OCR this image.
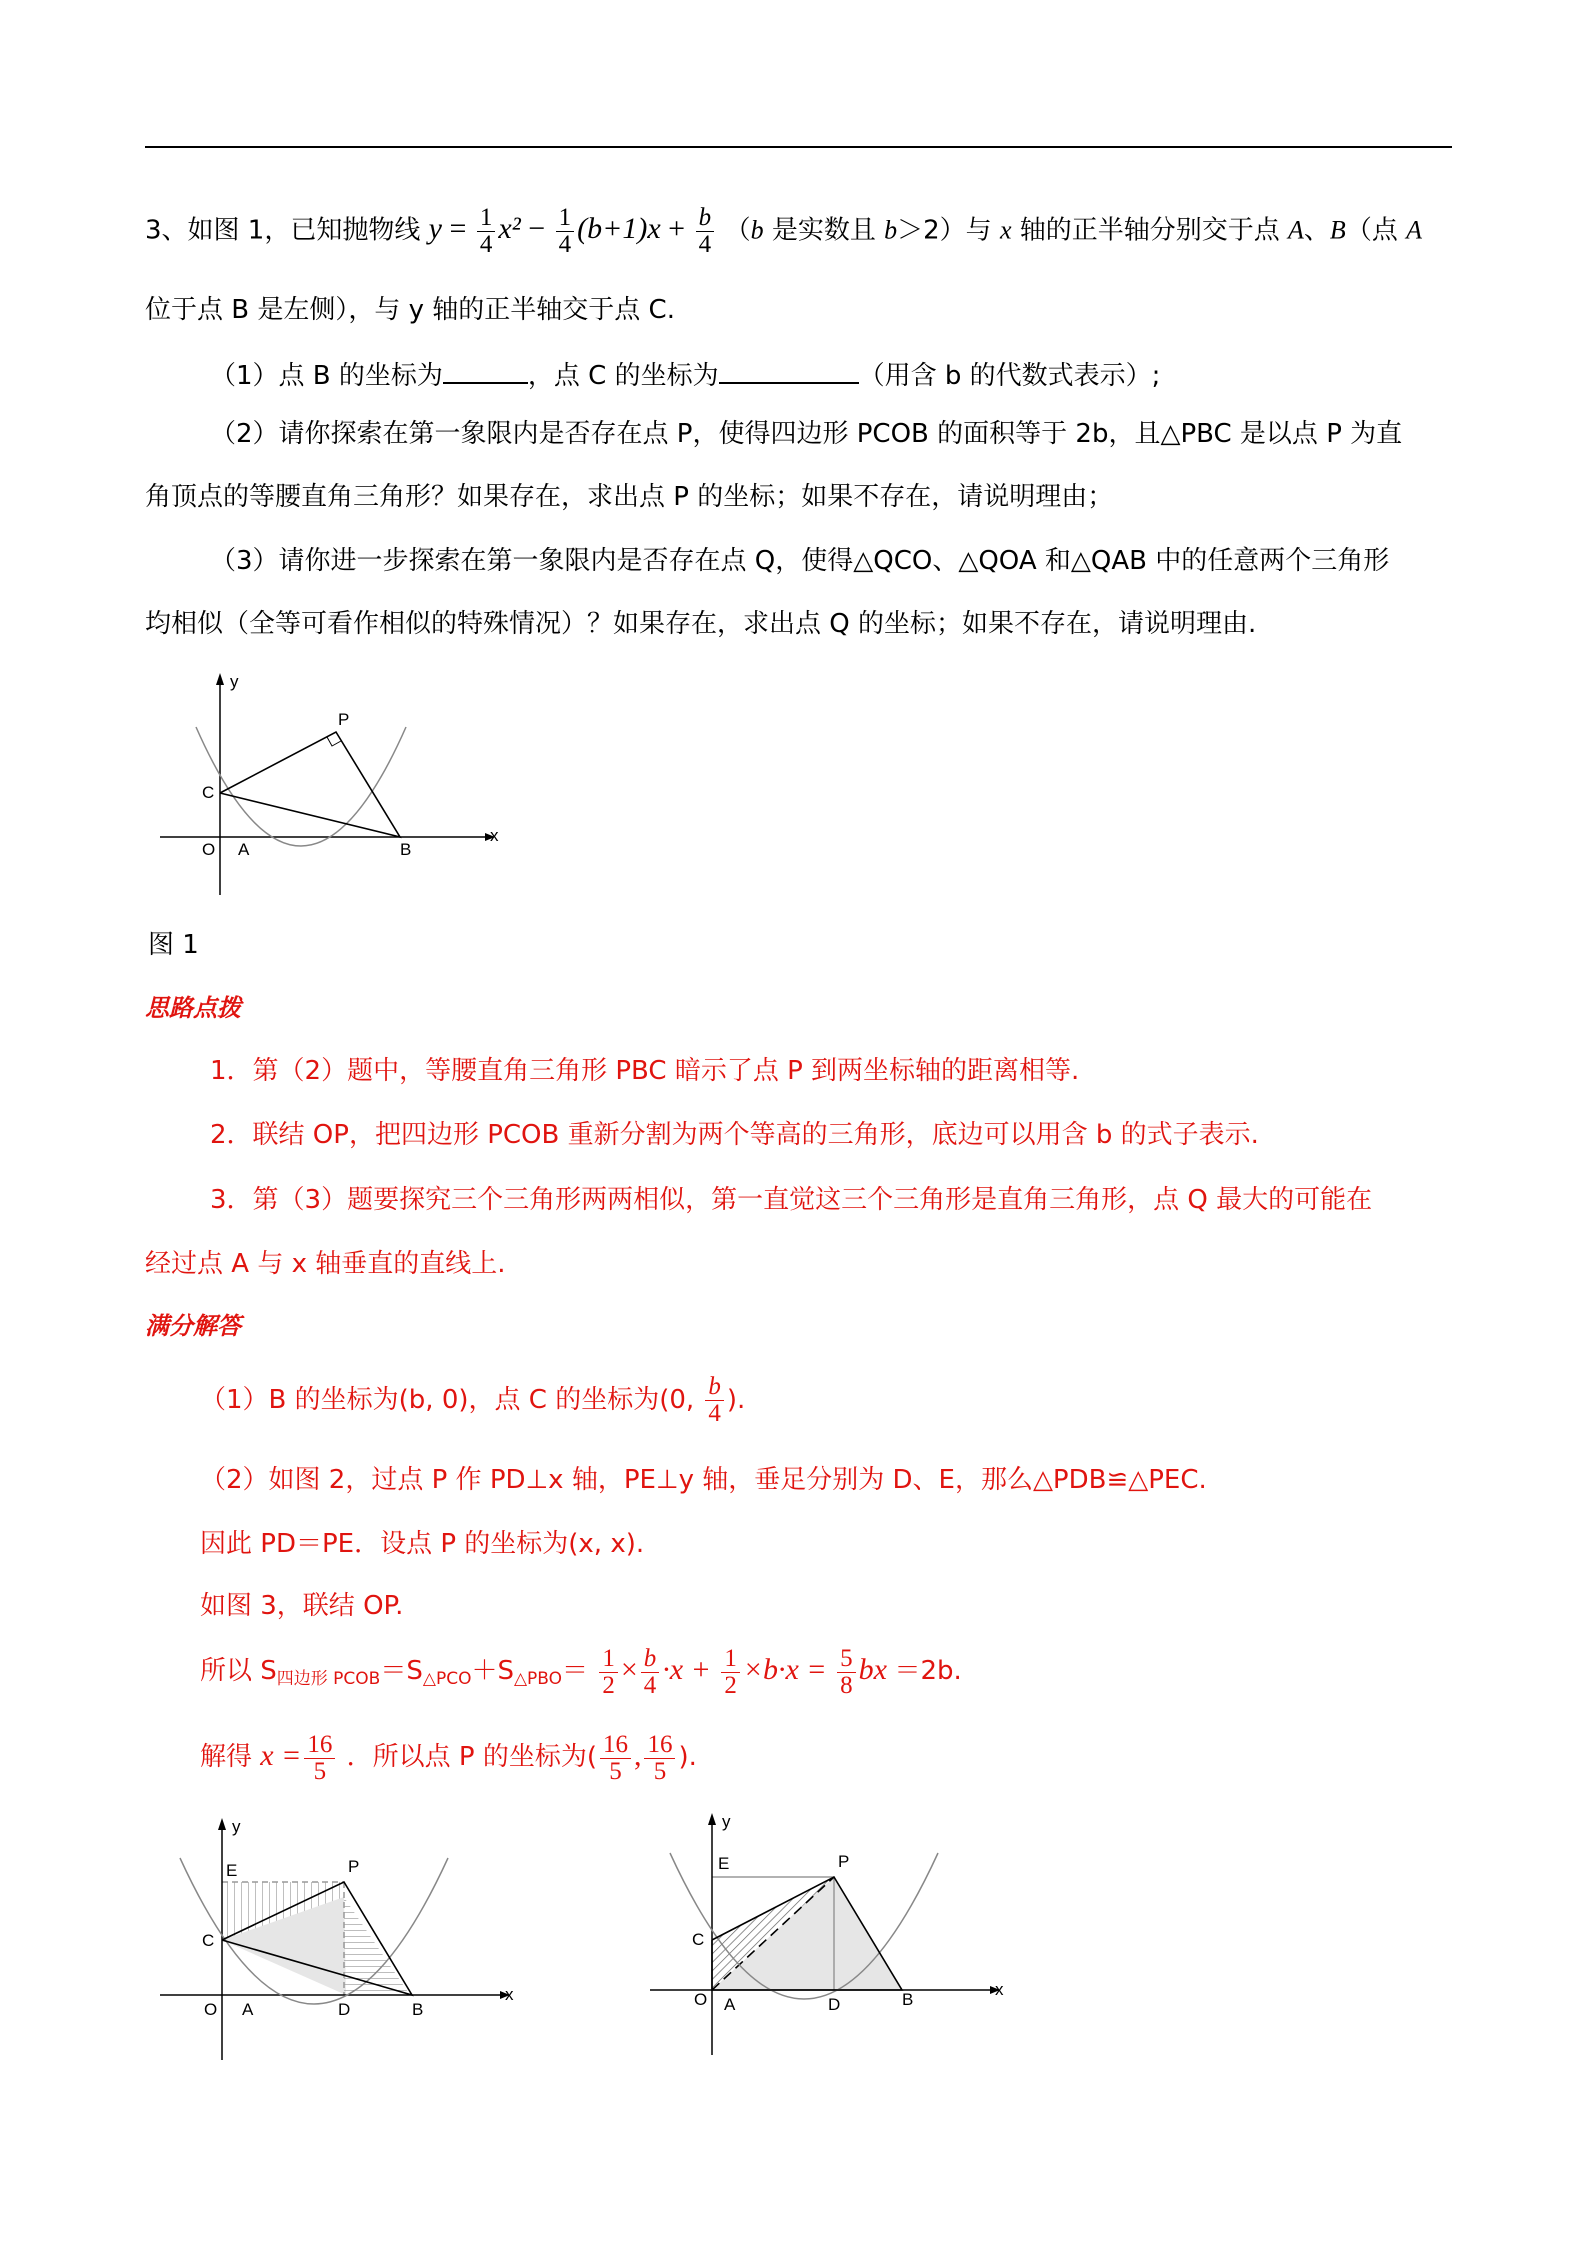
3、如图 1，已知抛物线 $y = \frac{1}{4} x^2 - \frac{1}{4} (b+1)x + \frac{b}{4} (b$ 是实数且 b＞2）与 x 轴的正半轴分别交于点 A、B（点 A
位于点 B 是左侧），与 y 轴的正半轴交于点 C.
（1）点 B 的坐标为	，点 C 的坐标为	（用含 b 的代数式表示）;
（2）请你探索在第一象限内是否存在点 P，使得四边形 PCOB 的面积等于 2b，且△PBC 是以点 P 为直
角顶点的等腰直角三角形？如果存在，求出点 P 的坐标；如果不存在，请说明理由；
（3）请你进一步探索在第一象限内是否存在点 Q，使得△QCO、△QOA 和△QAB 中的任意两个三角形
均相似（全等可看作相似的特殊情况）？如果存在，求出点 Q 的坐标；如果不存在，请说明理由.
y
x
O A	B
C
P
图 1
思路点拨
1．第（2）题中，等腰直角三角形 PBC 暗示了点 P 到两坐标轴的距离相等.
2．联结 OP，把四边形 PCOB 重新分割为两个等高的三角形，底边可以用含 b 的式子表示.
3．第（3）题要探究三个三角形两两相似，第一直觉这三个三角形是直角三角形，点 Q 最大的可能在
经过点 A 与 x 轴垂直的直线上.
满分解答
（1）B 的坐标为(b, 0)，点 C 的坐标为(0, $\frac{b}{4}$ ).
（2）如图 2，过点 P 作 PD⊥x 轴，PE⊥y 轴，垂足分别为 D、E，那么△PDB≌△PEC.
因此 PD＝PE．设点 P 的坐标为(x, x).
如图 3，联结 OP.
所以 $S_{四边形 PCOB}=S_{\triangle PCO}+S_{\triangle PBO}= \frac{1}{2} \times \frac{b}{4} \cdot x + \frac{1}{2} \times b\cdot x = \frac{5}{8}$ bx ＝2b.
解得 $x = \frac{16}{5}$ ．所以点 P 的坐标为( $\frac{16}{5}$ , $\frac{16}{5}$ ).
y
x
O A	D	B
C
E	P
y
x
O A	D	B
C
E	P
